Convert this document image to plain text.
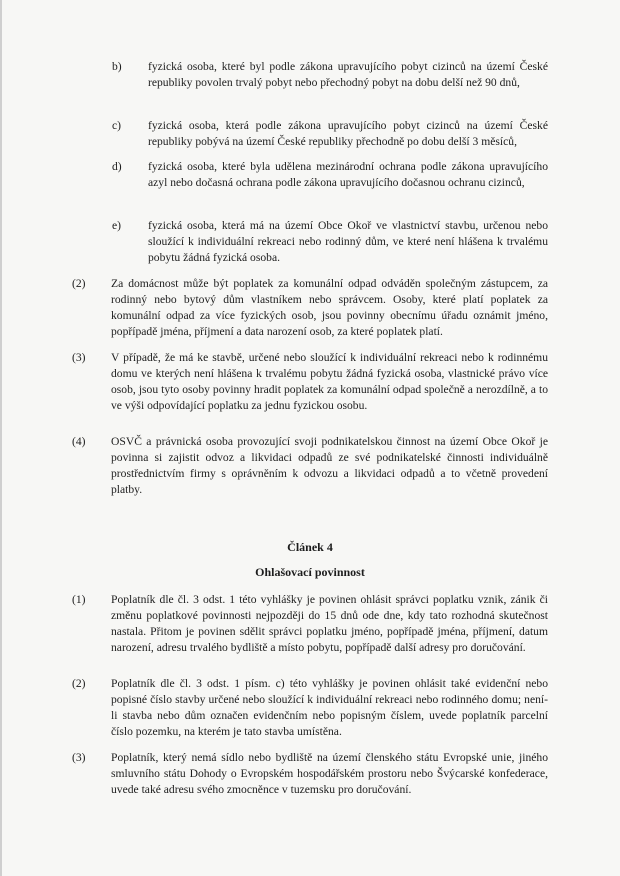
b) fyzická osoba, které byl podle zákona upravujícího pobyt cizinců na území České republiky povolen trvalý pobyt nebo přechodný pobyt na dobu delší než 90 dnů,
c) fyzická osoba, která podle zákona upravujícího pobyt cizinců na území České republiky pobývá na území České republiky přechodně po dobu delší 3 měsíců,
d) fyzická osoba, které byla udělena mezinárodní ochrana podle zákona upravujícího azyl nebo dočasná ochrana podle zákona upravujícího dočasnou ochranu cizinců,
e) fyzická osoba, která má na území Obce Okoř ve vlastnictví stavbu, určenou nebo sloužící k individuální rekreaci nebo rodinný dům, ve které není hlášena k trvalému pobytu žádná fyzická osoba.
(2) Za domácnost může být poplatek za komunální odpad odváděn společným zástupcem, za rodinný nebo bytový dům vlastníkem nebo správcem. Osoby, které platí poplatek za komunální odpad za více fyzických osob, jsou povinny obecnímu úřadu oznámit jméno, popřípadě jména, příjmení a data narození osob, za které poplatek platí.
(3) V případě, že má ke stavbě, určené nebo sloužící k individuální rekreaci nebo k rodinnému domu ve kterých není hlášena k trvalému pobytu žádná fyzická osoba, vlastnické právo více osob, jsou tyto osoby povinny hradit poplatek za komunální odpad společně a nerozdílně, a to ve výši odpovídající poplatku za jednu fyzickou osobu.
(4) OSVČ a právnická osoba provozující svoji podnikatelskou činnost na území Obce Okoř je povinna si zajistit odvoz a likvidaci odpadů ze své podnikatelské činnosti individuálně prostřednictvím firmy s oprávněním k odvozu a likvidaci odpadů a to včetně provedení platby.
Článek 4
Ohlašovací povinnost
(1) Poplatník dle čl. 3 odst. 1 této vyhlášky je povinen ohlásit správci poplatku vznik, zánik či změnu poplatkové povinnosti nejpozději do 15 dnů ode dne, kdy tato rozhodná skutečnost nastala. Přitom je povinen sdělit správci poplatku jméno, popřípadě jména, příjmení, datum narození, adresu trvalého bydliště a místo pobytu, popřípadě další adresy pro doručování.
(2) Poplatník dle čl. 3 odst. 1 písm. c) této vyhlášky je povinen ohlásit také evidenční nebo popisné číslo stavby určené nebo sloužící k individuální rekreaci nebo rodinného domu; není-li stavba nebo dům označen evidenčním nebo popisným číslem, uvede poplatník parcelní číslo pozemku, na kterém je tato stavba umístěna.
(3) Poplatník, který nemá sídlo nebo bydliště na území členského státu Evropské unie, jiného smluvního státu Dohody o Evropském hospodářském prostoru nebo Švýcarské konfederace, uvede také adresu svého zmocněnce v tuzemsku pro doručování.
